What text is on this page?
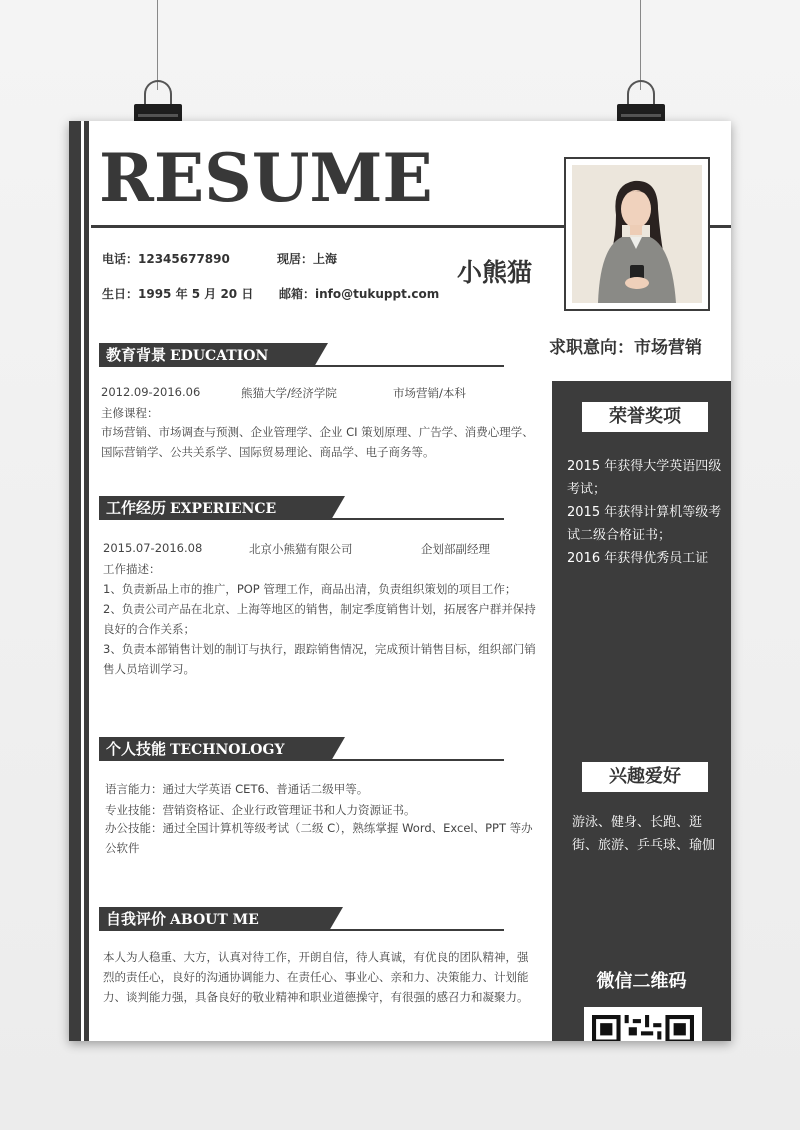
RESUME
电话：12345677890	现居：上海
生日：1995 年 5 月 20 日 邮箱：info@tukuppt.com
小熊猫
求职意向：市场营销
教育背景 EDUCATION
2012.09-2016.06	熊猫大学/经济学院	市场营销/本科
主修课程：
市场营销、市场调查与预测、企业管理学、企业 CI 策划原理、广告学、消费心理学、国际营销学、公共关系学、国际贸易理论、商品学、电子商务等。
工作经历 EXPERIENCE
2015.07-2016.08	北京小熊猫有限公司	企划部副经理
工作描述：
1、负责新品上市的推广，POP 管理工作，商品出清，负责组织策划的项目工作；
2、负责公司产品在北京、上海等地区的销售，制定季度销售计划，拓展客户群并保持良好的合作关系；
3、负责本部销售计划的制订与执行，跟踪销售情况，完成预计销售目标，组织部门销售人员培训学习。
个人技能 TECHNOLOGY
语言能力：通过大学英语 CET6、普通话二级甲等。
专业技能：营销资格证、企业行政管理证书和人力资源证书。
办公技能：通过全国计算机等级考试（二级 C），熟练掌握 Word、Excel、PPT 等办公软件
自我评价 ABOUT ME
本人为人稳重、大方，认真对待工作，开朗自信，待人真诚，有优良的团队精神，强烈的责任心，良好的沟通协调能力、在责任心、事业心、亲和力、决策能力、计划能力、谈判能力强，具备良好的敬业精神和职业道德操守，有很强的感召力和凝聚力。
荣誉奖项
2015 年获得大学英语四级考试；
2015 年获得计算机等级考试二级合格证书；
2016 年获得优秀员工证
兴趣爱好
游泳、健身、长跑、逛街、旅游、乒乓球、瑜伽
微信二维码
